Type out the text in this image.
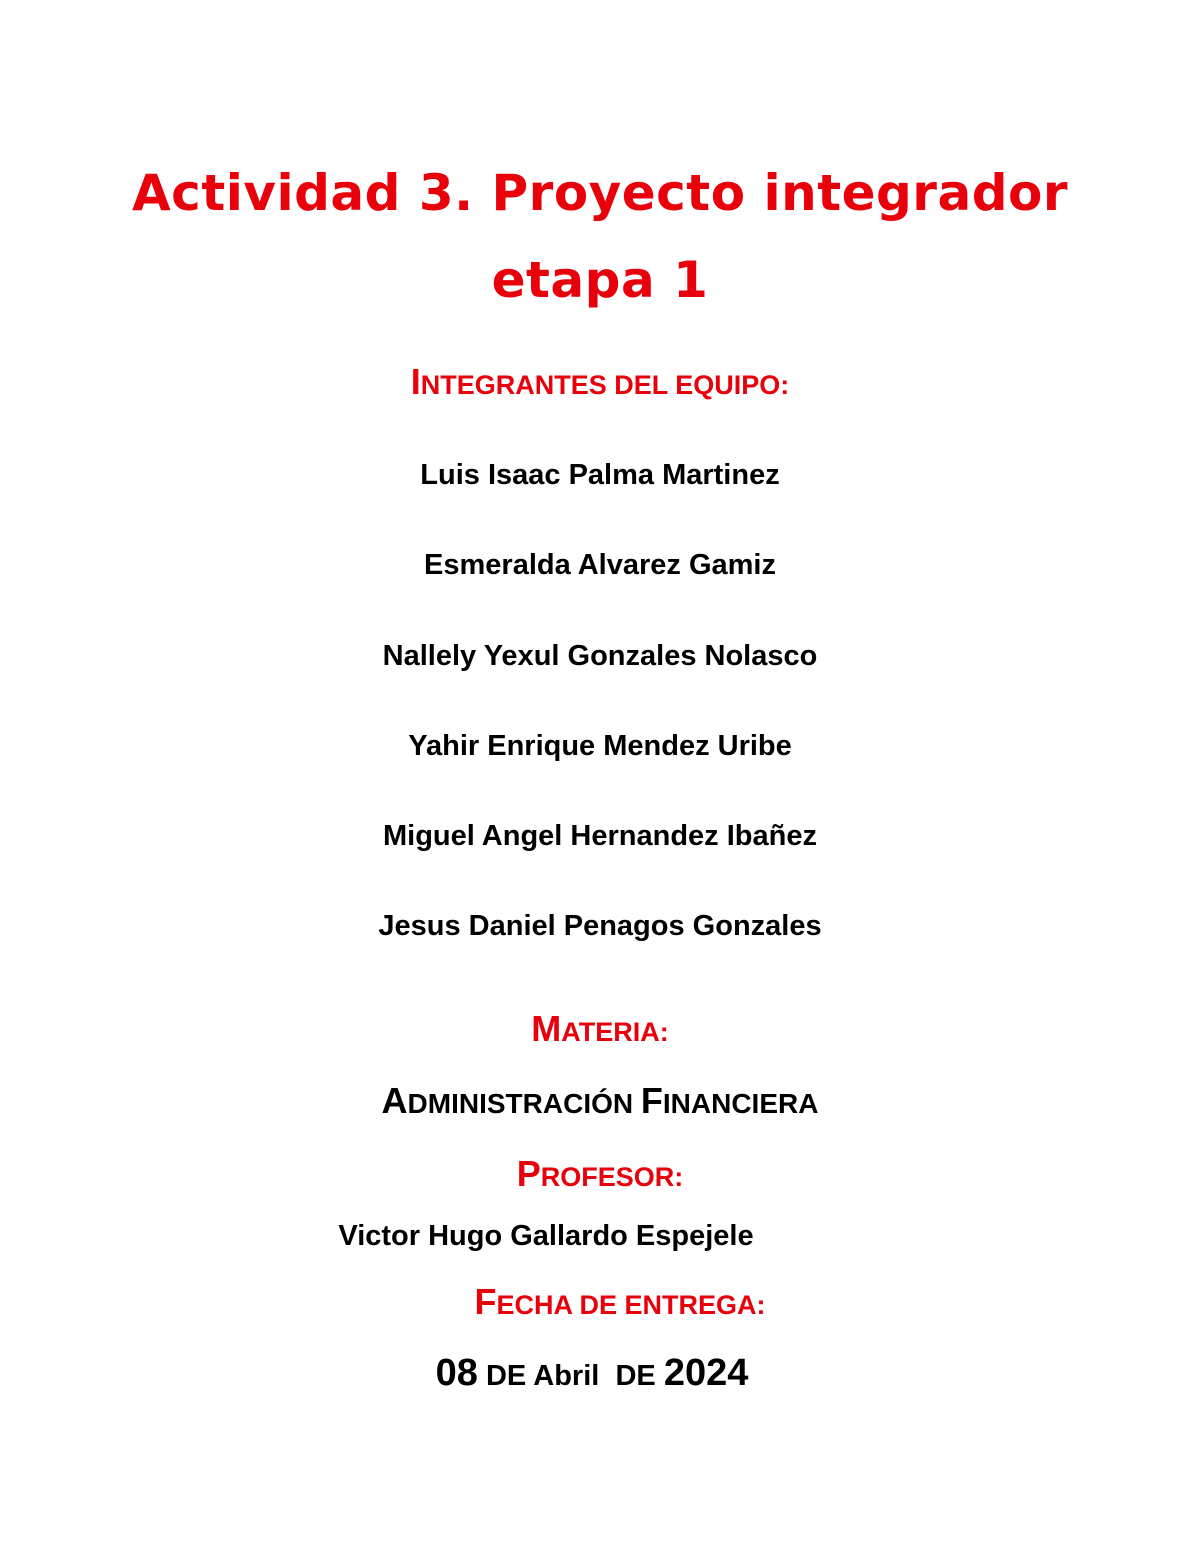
Actividad 3. Proyecto integrador
etapa 1
INTEGRANTES DEL EQUIPO:
Luis Isaac Palma Martinez
Esmeralda Alvarez Gamiz
Nallely Yexul Gonzales Nolasco
Yahir Enrique Mendez Uribe
Miguel Angel Hernandez Ibañez
Jesus Daniel Penagos Gonzales
MATERIA:
ADMINISTRACIÓN FINANCIERA
PROFESOR:
Victor Hugo Gallardo Espejele
FECHA DE ENTREGA:
08 DE Abril DE 2024
